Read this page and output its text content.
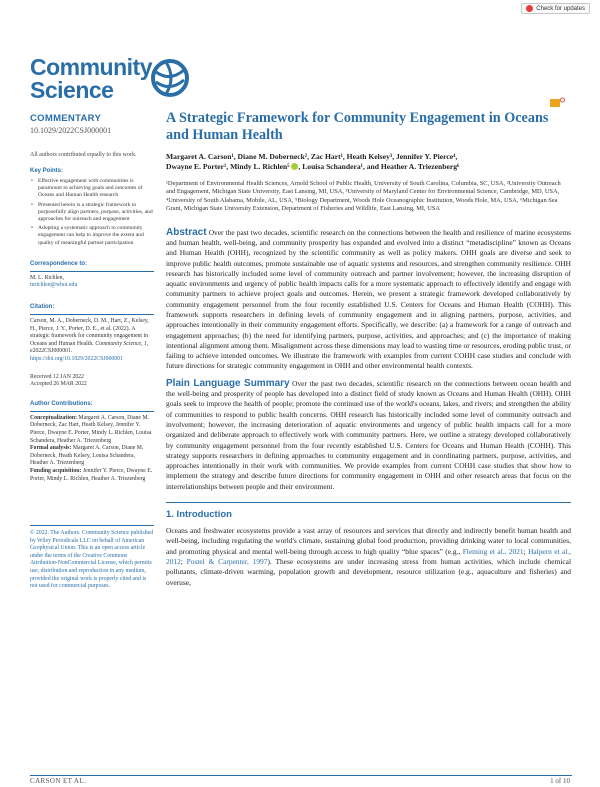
Check for updates
Community
Science
COMMENTARY
10.1029/2022CSJ000001
All authors contributed equally to this work.
Key Points:
• Effective engagement with communities is paramount to achieving goals and outcomes of Oceans and Human Health research
• Presented herein is a strategic framework to purposefully align partners, purpose, activities, and approaches for outreach and engagement
• Adopting a systematic approach to community engagement can help to improve the extent and quality of meaningful partner participation
Correspondence to:
M. L. Richlen,
mrichlen@whoi.edu
Citation:
Carson, M. A., Doberneck, D. M., Hart, Z., Kelsey, H., Pierce, J. Y., Porter, D. E., et al. (2022). A strategic framework for community engagement in Oceans and Human Health. Community Science, 1, e2022CSJ000001. https://doi.org/10.1029/2022CSJ000001
Received 12 JAN 2022
Accepted 26 MAR 2022
Author Contributions:
Conceptualization: Margaret A. Carson, Diane M. Doberneck, Zac Hart, Heath Kelsey, Jennifer Y. Pierce, Dwayne E. Porter, Mindy L. Richlen, Louisa Schandera, Heather A. Triezenberg
Formal analysis: Margaret A. Carson, Diane M. Doberneck, Heath Kelsey, Louisa Schandera, Heather A. Triezenberg
Funding acquisition: Jennifer Y. Pierce, Dwayne E. Porter, Mindy L. Richlen, Heather A. Triezenberg
© 2022. The Authors. Community Science published by Wiley Periodicals LLC on behalf of American Geophysical Union. This is an open access article under the terms of the Creative Commons Attribution-NonCommercial License, which permits use, distribution and reproduction in any medium, provided the original work is properly cited and is not used for commercial purposes.
A Strategic Framework for Community Engagement in Oceans and Human Health
Margaret A. Carson¹, Diane M. Doberneck², Zac Hart¹, Heath Kelsey³, Jennifer Y. Pierce⁴,
Dwayne E. Porter¹, Mindy L. Richlen⁵ , Louisa Schandera¹, and Heather A. Triezenberg⁶
¹Department of Environmental Health Sciences, Arnold School of Public Health, University of South Carolina, Columbia, SC, USA, ²University Outreach and Engagement, Michigan State University, East Lansing, MI, USA, ³University of Maryland Center for Environmental Science, Cambridge, MD, USA, ⁴University of South Alabama, Mobile, AL, USA, ⁵Biology Department, Woods Hole Oceanographic Institution, Woods Hole, MA, USA, ⁶Michigan Sea Grant, Michigan State University Extension, Department of Fisheries and Wildlife, East Lansing, MI, USA
Abstract Over the past two decades, scientific research on the connections between the health and resilience of marine ecosystems and human health, well-being, and community prosperity has expanded and evolved into a distinct “metadiscipline” known as Oceans and Human Health (OHH), recognized by the scientific community as well as policy makers. OHH goals are diverse and seek to improve public health outcomes, promote sustainable use of aquatic systems and resources, and strengthen community resilience. OHH research has historically included some level of community outreach and partner involvement; however, the increasing disruption of aquatic environments and urgency of public health impacts calls for a more systematic approach to effectively identify and engage with community partners to achieve project goals and outcomes. Herein, we present a strategic framework developed collaboratively by community engagement personnel from the four recently established U.S. Centers for Oceans and Human Health (COHH). This framework supports researchers in defining levels of community engagement and in aligning partners, purpose, activities, and approaches intentionally in their community engagement efforts. Specifically, we describe: (a) a framework for a range of outreach and engagement approaches; (b) the need for identifying partners, purpose, activities, and approaches; and (c) the importance of making intentional alignment among them. Misalignment across these dimensions may lead to wasting time or resources, eroding public trust, or failing to achieve intended outcomes. We illustrate the framework with examples from current COHH case studies and conclude with future directions for strategic community engagement in OHH and other environmental health contexts.
Plain Language Summary Over the past two decades, scientific research on the connections between ocean health and the well-being and prosperity of people has developed into a distinct field of study known as Oceans and Human Health (OHH). OHH goals seek to improve the health of people; promote the continued use of the world's oceans, lakes, and rivers; and strengthen the ability of communities to respond to public health concerns. OHH research has historically included some level of community outreach and involvement; however, the increasing deterioration of aquatic environments and urgency of public health impacts call for a more organized and deliberate approach to effectively work with community partners. Here, we outline a strategy developed collaboratively by community engagement personnel from the four recently established U.S. Centers for Oceans and Human Health (COHH). This strategy supports researchers in defining approaches to community engagement and in coordinating partners, purpose, activities, and approaches intentionally in their work with communities. We provide examples from current COHH case studies that show how to implement the strategy and describe future directions for community engagement in OHH and other research areas that focus on the interrelationships between people and their environment.
1. Introduction
Oceans and freshwater ecosystems provide a vast array of resources and services that directly and indirectly benefit human health and well-being, including regulating the world's climate, sustaining global food production, providing drinking water to local communities, and promoting physical and mental well-being through access to high quality “blue spaces” (e.g., Fleming et al., 2021; Halpern et al., 2012; Postel & Carpenter, 1997). These ecosystems are under increasing stress from human activities, which include chemical pollutants, climate-driven warming, population growth and development, resource utilization (e.g., aquaculture and fisheries) and overuse,
CARSON ET AL.	1 of 10
